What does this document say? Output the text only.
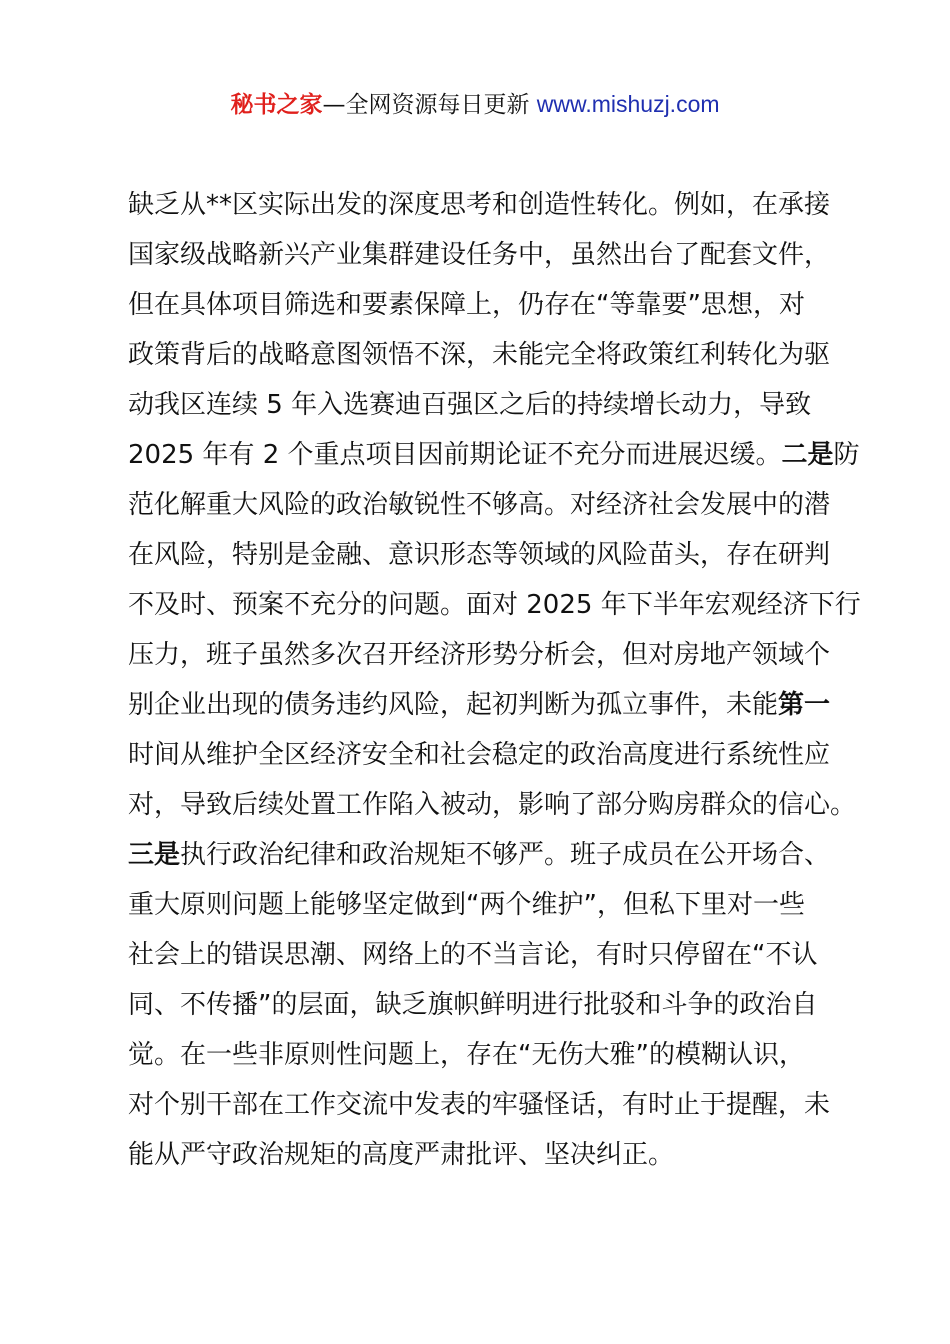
秘书之家—全网资源每日更新 www.mishuzj.com
缺乏从**区实际出发的深度思考和创造性转化。例如，在承接
国家级战略新兴产业集群建设任务中，虽然出台了配套文件，
但在具体项目筛选和要素保障上，仍存在“等靠要”思想，对
政策背后的战略意图领悟不深，未能完全将政策红利转化为驱
动我区连续 5 年入选赛迪百强区之后的持续增长动力，导致
2025 年有 2 个重点项目因前期论证不充分而进展迟缓。二是防
范化解重大风险的政治敏锐性不够高。对经济社会发展中的潜
在风险，特别是金融、意识形态等领域的风险苗头，存在研判
不及时、预案不充分的问题。面对 2025 年下半年宏观经济下行
压力，班子虽然多次召开经济形势分析会，但对房地产领域个
别企业出现的债务违约风险，起初判断为孤立事件，未能第一
时间从维护全区经济安全和社会稳定的政治高度进行系统性应
对，导致后续处置工作陷入被动，影响了部分购房群众的信心。
三是执行政治纪律和政治规矩不够严。班子成员在公开场合、
重大原则问题上能够坚定做到“两个维护”，但私下里对一些
社会上的错误思潮、网络上的不当言论，有时只停留在“不认
同、不传播”的层面，缺乏旗帜鲜明进行批驳和斗争的政治自
觉。在一些非原则性问题上，存在“无伤大雅”的模糊认识，
对个别干部在工作交流中发表的牢骚怪话，有时止于提醒，未
能从严守政治规矩的高度严肃批评、坚决纠正。
